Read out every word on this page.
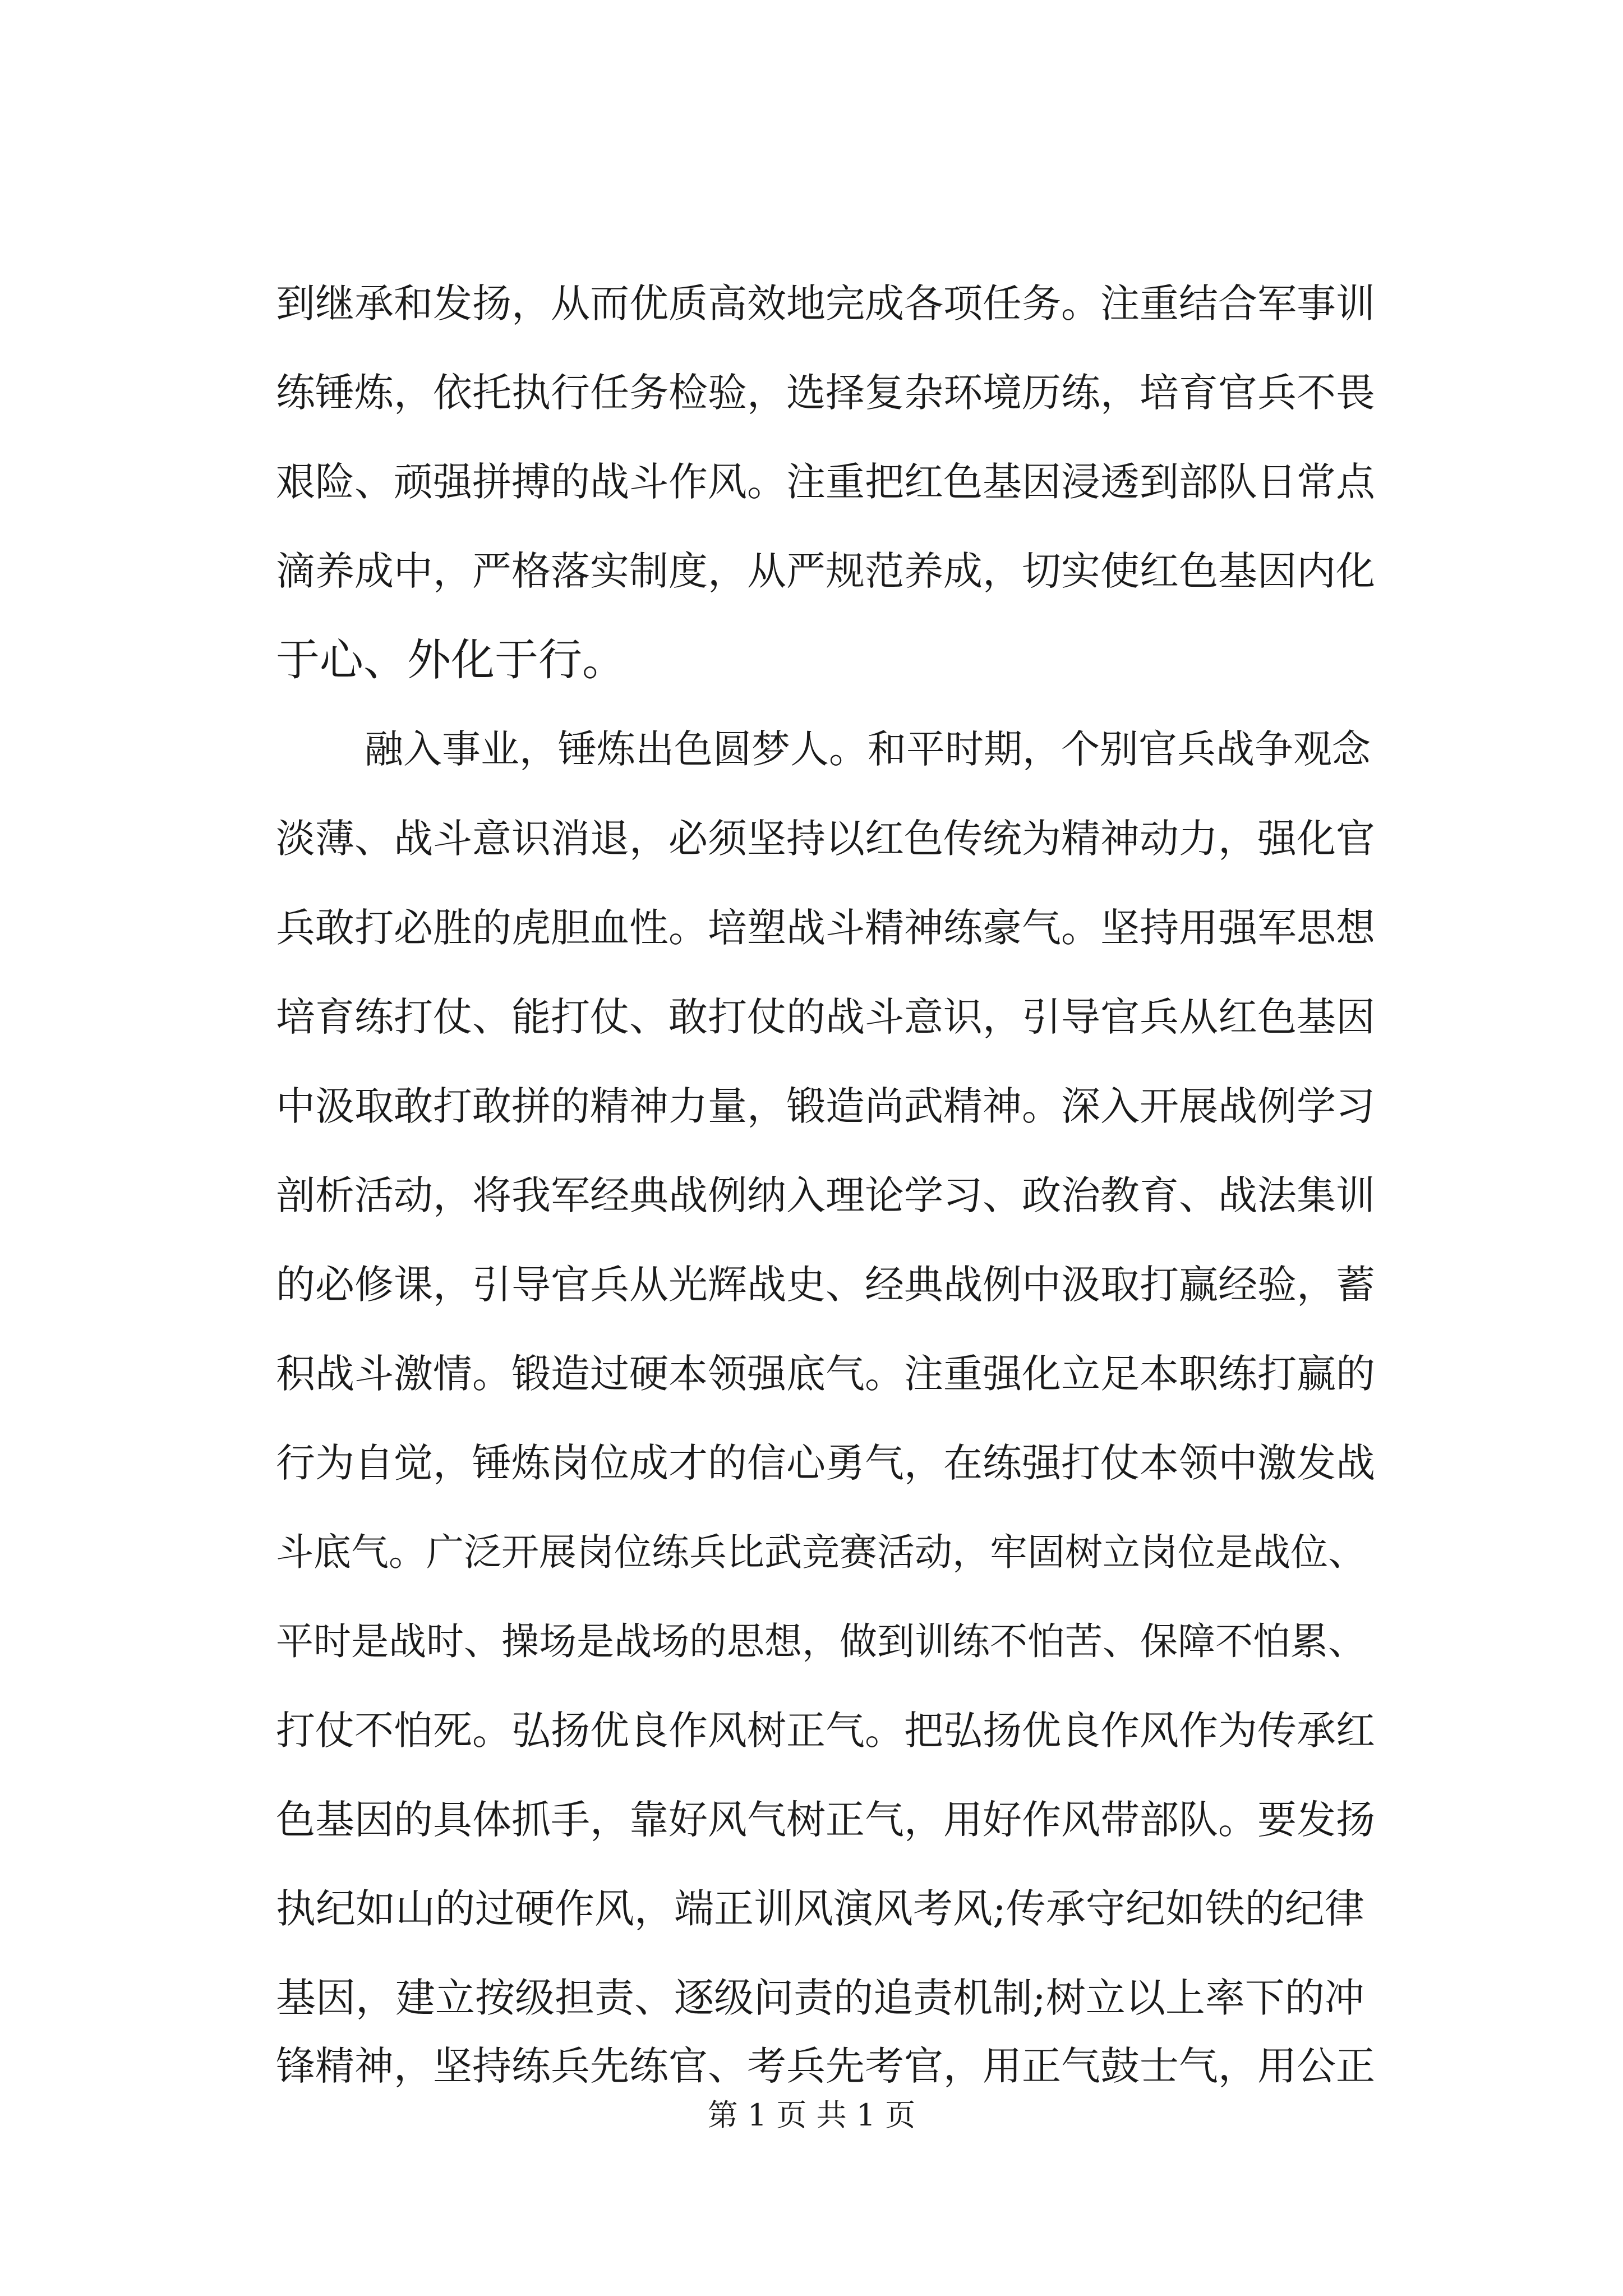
到继承和发扬，从而优质高效地完成各项任务。注重结合军事训
练锤炼，依托执行任务检验，选择复杂环境历练，培育官兵不畏
艰险、顽强拼搏的战斗作风。注重把红色基因浸透到部队日常点
滴养成中，严格落实制度，从严规范养成，切实使红色基因内化
于心、外化于行。
融入事业，锤炼出色圆梦人。和平时期，个别官兵战争观念
淡薄、战斗意识消退，必须坚持以红色传统为精神动力，强化官
兵敢打必胜的虎胆血性。培塑战斗精神练豪气。坚持用强军思想
培育练打仗、能打仗、敢打仗的战斗意识，引导官兵从红色基因
中汲取敢打敢拼的精神力量，锻造尚武精神。深入开展战例学习
剖析活动，将我军经典战例纳入理论学习、政治教育、战法集训
的必修课，引导官兵从光辉战史、经典战例中汲取打赢经验，蓄
积战斗激情。锻造过硬本领强底气。注重强化立足本职练打赢的
行为自觉，锤炼岗位成才的信心勇气，在练强打仗本领中激发战
斗底气。广泛开展岗位练兵比武竞赛活动，牢固树立岗位是战位、
平时是战时、操场是战场的思想，做到训练不怕苦、保障不怕累、
打仗不怕死。弘扬优良作风树正气。把弘扬优良作风作为传承红
色基因的具体抓手，靠好风气树正气，用好作风带部队。要发扬
执纪如山的过硬作风，端正训风演风考风;传承守纪如铁的纪律
基因，建立按级担责、逐级问责的追责机制;树立以上率下的冲
锋精神，坚持练兵先练官、考兵先考官，用正气鼓士气，用公正
第 1 页 共 1 页
